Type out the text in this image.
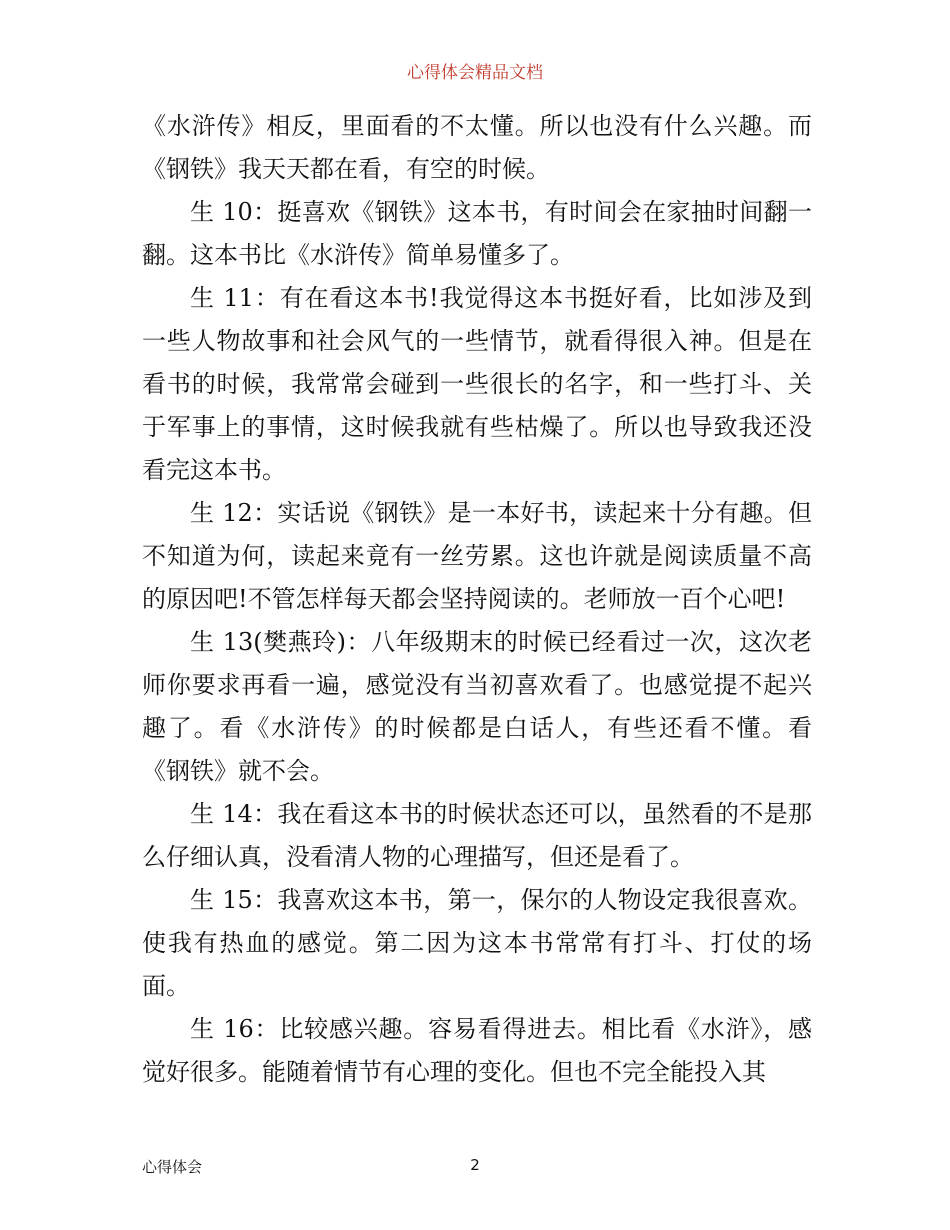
心得体会精品文档

《水浒传》相反，里面看的不太懂。所以也没有什么兴趣。而《钢铁》我天天都在看，有空的时候。

生 10：挺喜欢《钢铁》这本书，有时间会在家抽时间翻一翻。这本书比《水浒传》简单易懂多了。

生 11：有在看这本书!我觉得这本书挺好看，比如涉及到一些人物故事和社会风气的一些情节，就看得很入神。但是在看书的时候，我常常会碰到一些很长的名字，和一些打斗、关于军事上的事情，这时候我就有些枯燥了。所以也导致我还没看完这本书。

生 12：实话说《钢铁》是一本好书，读起来十分有趣。但不知道为何，读起来竟有一丝劳累。这也许就是阅读质量不高的原因吧!不管怎样每天都会坚持阅读的。老师放一百个心吧!

生 13(樊燕玲)：八年级期末的时候已经看过一次，这次老师你要求再看一遍，感觉没有当初喜欢看了。也感觉提不起兴趣了。看《水浒传》的时候都是白话人，有些还看不懂。看《钢铁》就不会。

生 14：我在看这本书的时候状态还可以，虽然看的不是那么仔细认真，没看清人物的心理描写，但还是看了。

生 15：我喜欢这本书，第一，保尔的人物设定我很喜欢。使我有热血的感觉。第二因为这本书常常有打斗、打仗的场面。

生 16：比较感兴趣。容易看得进去。相比看《水浒》，感觉好很多。能随着情节有心理的变化。但也不完全能投入其

心得体会	2
